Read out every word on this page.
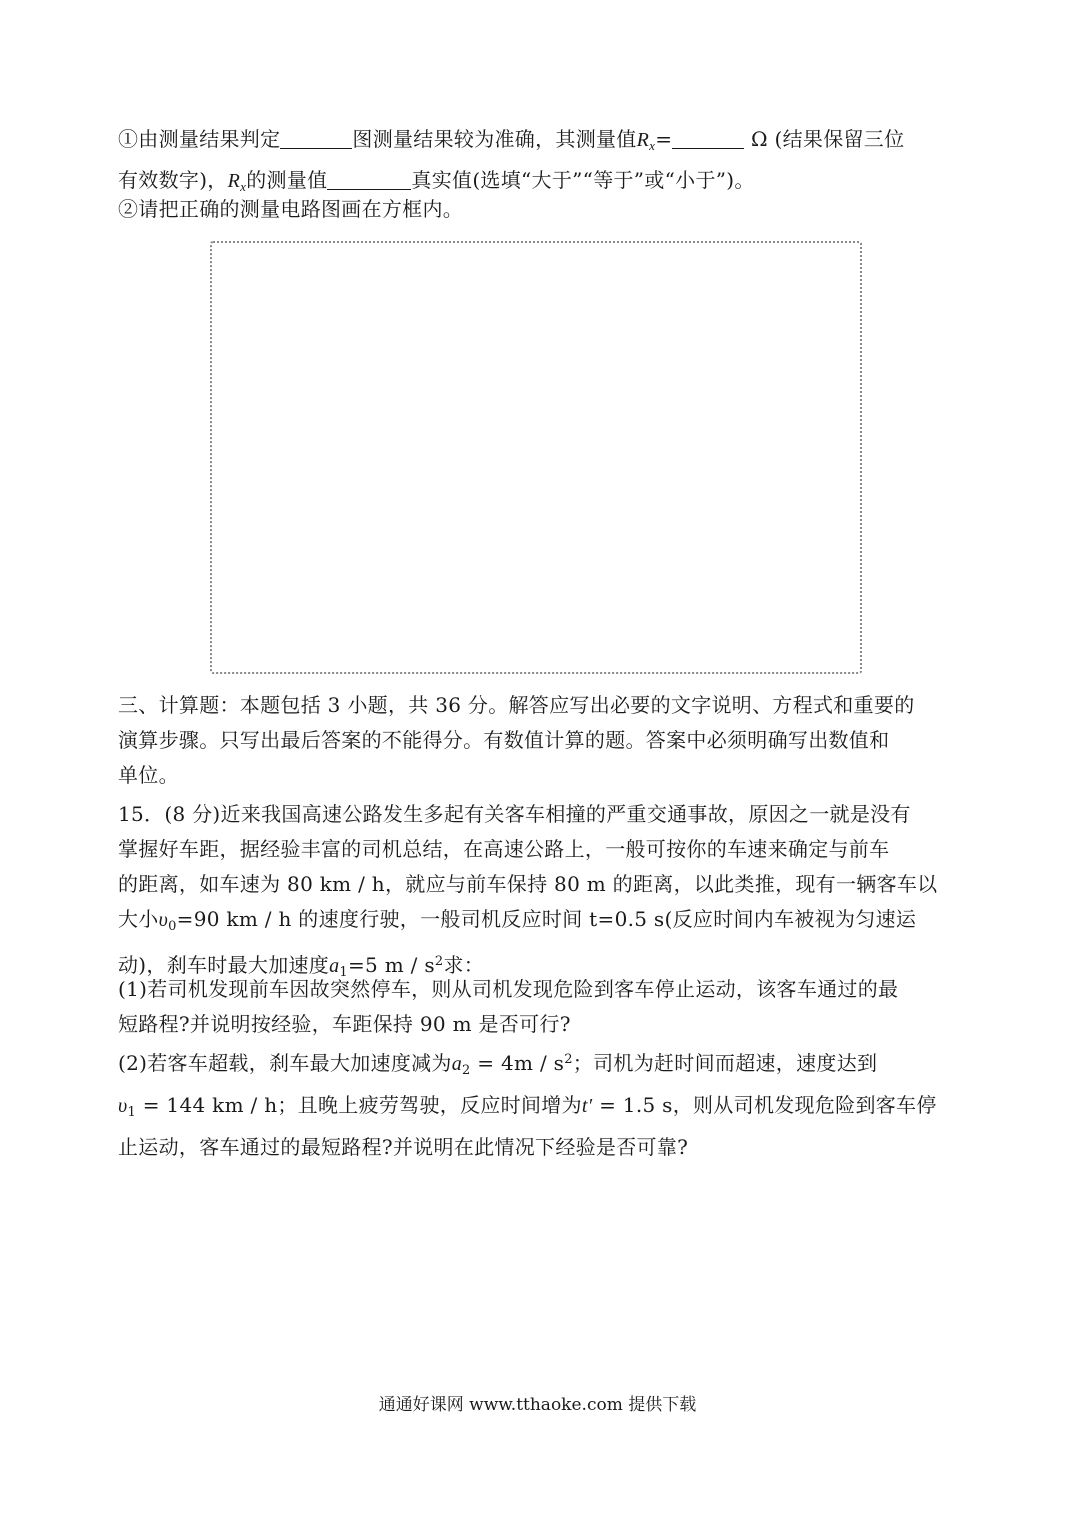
①由测量结果判定	图测量结果较为准确，其测量值$R_x=$	Ω (结果保留三位
有效数字)，$R_x$的测量值	真实值(选填“大于”“等于”或“小于”)。

②请把正确的测量电路图画在方框内。

三、计算题：本题包括 3 小题，共 36 分。解答应写出必要的文字说明、方程式和重要的
演算步骤。只写出最后答案的不能得分。有数值计算的题。答案中必须明确写出数值和
单位。
15．(8 分)近来我国高速公路发生多起有关客车相撞的严重交通事故，原因之一就是没有
掌握好车距，据经验丰富的司机总结，在高速公路上，一般可按你的车速来确定与前车
的距离，如车速为 80 km / h，就应与前车保持 80 m 的距离，以此类推，现有一辆客车以
大小$\upsilon_0=90$ km / h 的速度行驶，一般司机反应时间 t=0.5 s(反应时间内车被视为匀速运
动)，刹车时最大加速度$a_1=5$ m / $s^2$求：
(1)若司机发现前车因故突然停车，则从司机发现危险到客车停止运动，该客车通过的最
短路程?并说明按经验，车距保持 90 m 是否可行?
(2)若客车超载，刹车最大加速度减为$a_2 = 4m / s^2$；司机为赶时间而超速，速度达到
$\upsilon_1 = 144$ km / h；且晚上疲劳驾驶，反应时间增为t′ = 1.5 s，则从司机发现危险到客车停
止运动，客车通过的最短路程?并说明在此情况下经验是否可靠?
通通好课网 www.tthaoke.com 提供下载
